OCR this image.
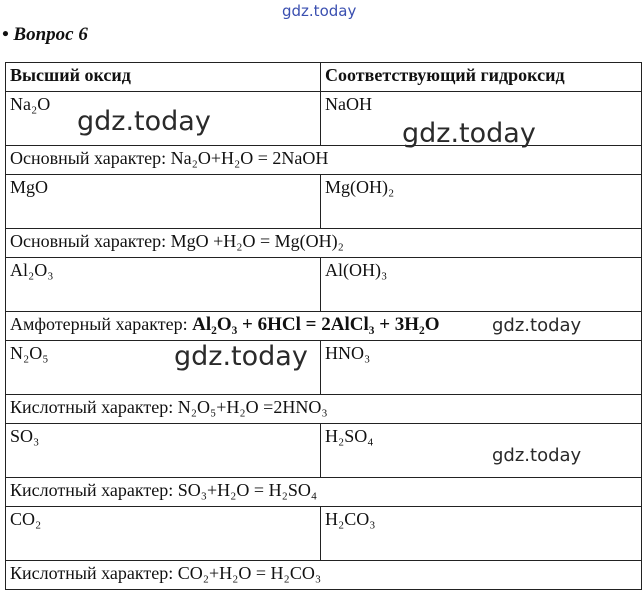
gdz.today
• Вопрос 6
Высший оксид	Соответствующий гидроксид
Na₂O	NaOH
Основный характер: Na₂O+H₂O = 2NaOH	
MgO	Mg(OH)₂
Основный характер: MgO +H₂O = Mg(OH)₂	
Al₂O₃	Al(OH)₃
Амфотерный характер: Al₂O₃ + 6HCl = 2AlCl₃ + 3H₂O	
N₂O₅	HNO₃
Кислотный характер: N₂O₅+H₂O =2HNO₃	
SO₃	H₂SO₄
Кислотный характер: SO₃+H₂O = H₂SO₄	
CO₂	H₂CO₃
Кислотный характер: CO₂+H₂O = H₂CO₃	
gdz.today	gdz.today
gdz.today
gdz.today
gdz.today
